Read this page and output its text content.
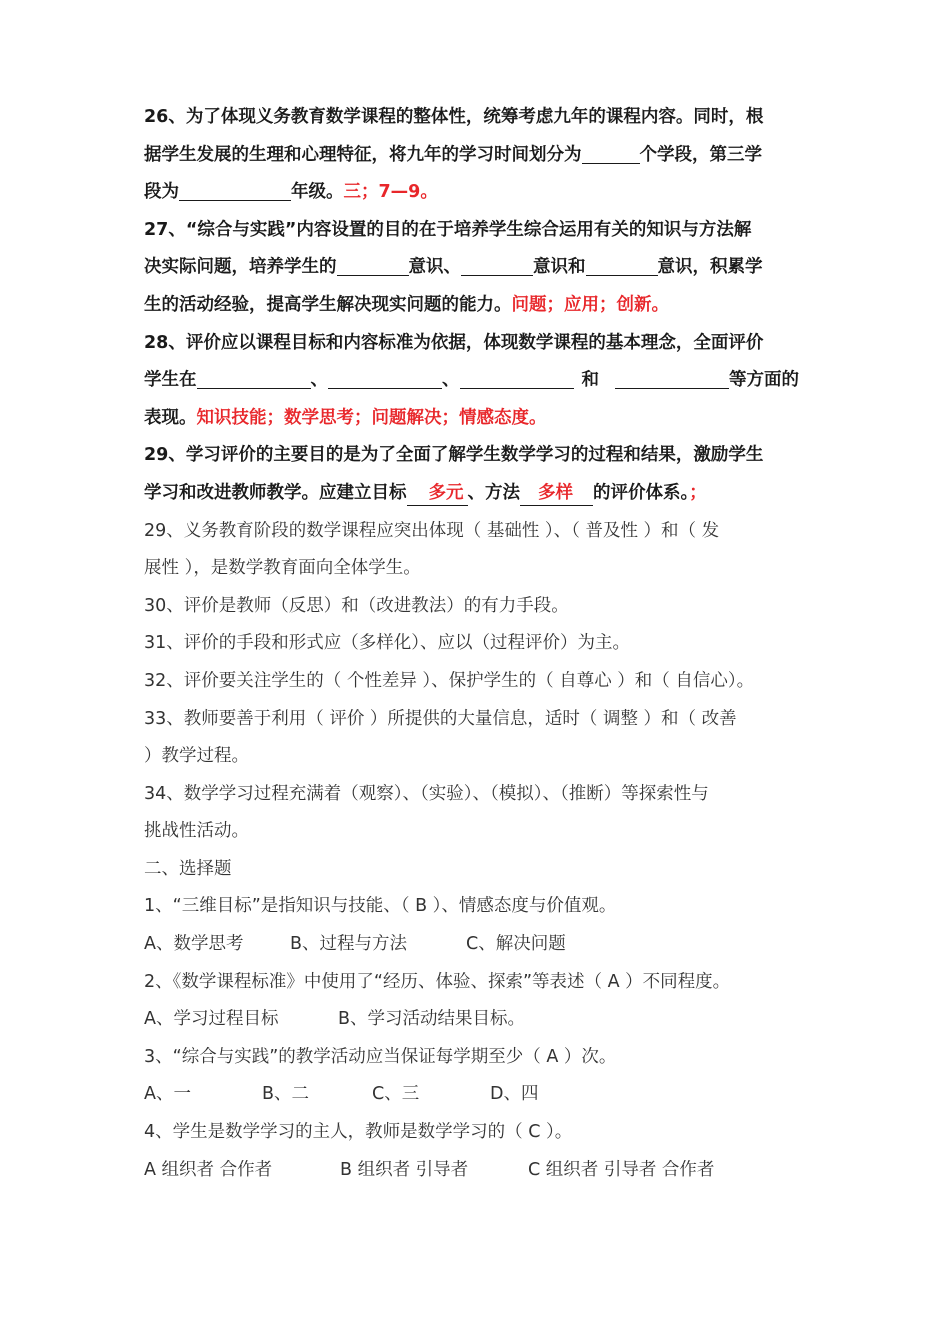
26、为了体现义务教育数学课程的整体性，统筹考虑九年的课程内容。同时，根
据学生发展的生理和心理特征，将九年的学习时间划分为	个学段，第三学
段为	年级。三；7—9。
27、“综合与实践”内容设置的目的在于培养学生综合运用有关的知识与方法解
决实际问题，培养学生的	意识、	意识和	意识，积累学
生的活动经验，提高学生解决现实问题的能力。问题；应用；创新。
28、评价应以课程目标和内容标准为依据，体现数学课程的基本理念，全面评价
学生在	、	、	和	等方面的
表现。知识技能；数学思考；问题解决；情感态度。
29、学习评价的主要目的是为了全面了解学生数学学习的过程和结果，激励学生
学习和改进教师教学。应建立目标 多元 、方法 多样 的评价体系。；
29、义务教育阶段的数学课程应突出体现（ 基础性 ）、（ 普及性 ）和（ 发
展性 ），是数学教育面向全体学生。
30、评价是教师（反思）和（改进教法）的有力手段。
31、评价的手段和形式应（多样化）、应以（过程评价）为主。
32、评价要关注学生的（ 个性差异 ）、保护学生的（ 自尊心 ）和（ 自信心）。
33、教师要善于利用（ 评价 ）所提供的大量信息，适时（ 调整 ）和（ 改善
）教学过程。
34、数学学习过程充满着（观察）、（实验）、（模拟）、（推断）等探索性与
挑战性活动。
二、选择题
1、“三维目标”是指知识与技能、（ B ）、情感态度与价值观。
A、数学思考	B、过程与方法	C、解决问题
2、《数学课程标准》中使用了“经历、体验、探索”等表述（ A ）不同程度。
A、学习过程目标	B、学习活动结果目标。
3、“综合与实践”的教学活动应当保证每学期至少（ A ）次。
A、一	B、二	C、三	D、四
4、学生是数学学习的主人，教师是数学学习的（ C ）。
A 组织者 合作者	B 组织者 引导者	C 组织者 引导者 合作者
